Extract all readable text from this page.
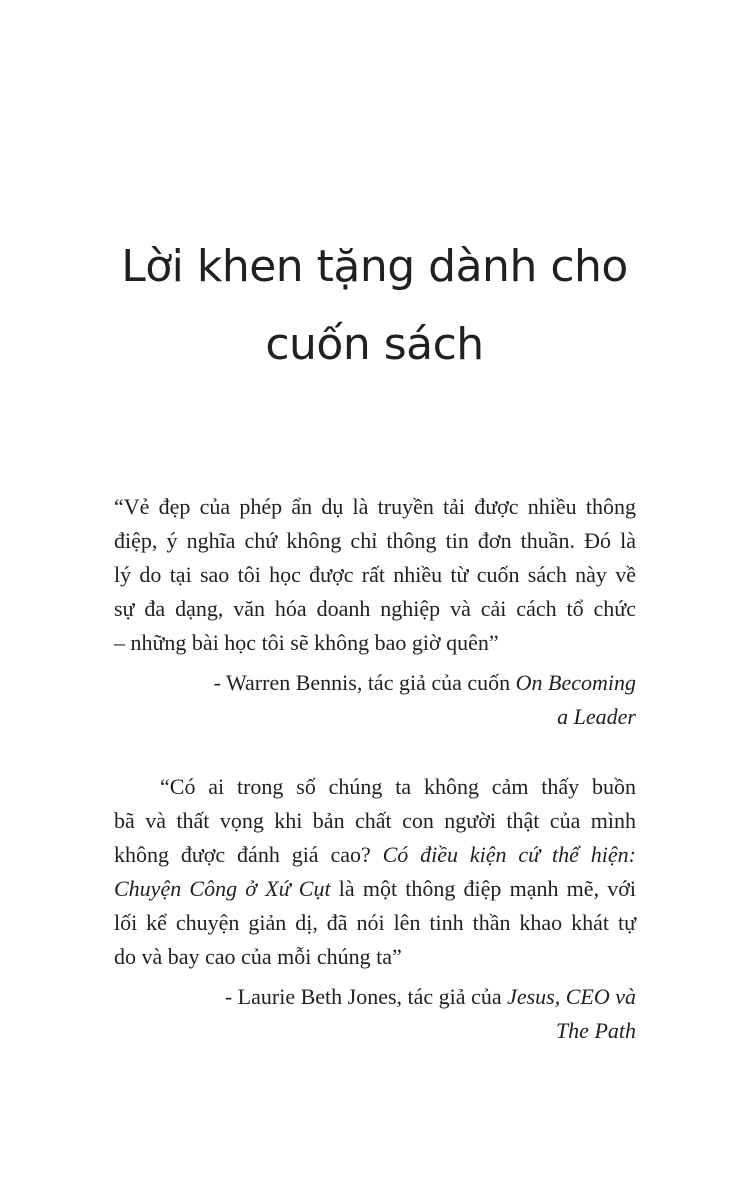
Lời khen tặng dành cho
cuốn sách
“Vẻ đẹp của phép ẩn dụ là truyền tải được nhiều thông
điệp, ý nghĩa chứ không chỉ thông tin đơn thuần. Đó là
lý do tại sao tôi học được rất nhiều từ cuốn sách này về
sự đa dạng, văn hóa doanh nghiệp và cải cách tổ chức
– những bài học tôi sẽ không bao giờ quên”
- Warren Bennis, tác giả của cuốn On Becoming
a Leader
“Có ai trong số chúng ta không cảm thấy buồn
bã và thất vọng khi bản chất con người thật của mình
không được đánh giá cao? Có điều kiện cứ thể hiện:
Chuyện Công ở Xứ Cụt là một thông điệp mạnh mẽ, với
lối kể chuyện giản dị, đã nói lên tinh thần khao khát tự
do và bay cao của mỗi chúng ta”
- Laurie Beth Jones, tác giả của Jesus, CEO và
The Path
